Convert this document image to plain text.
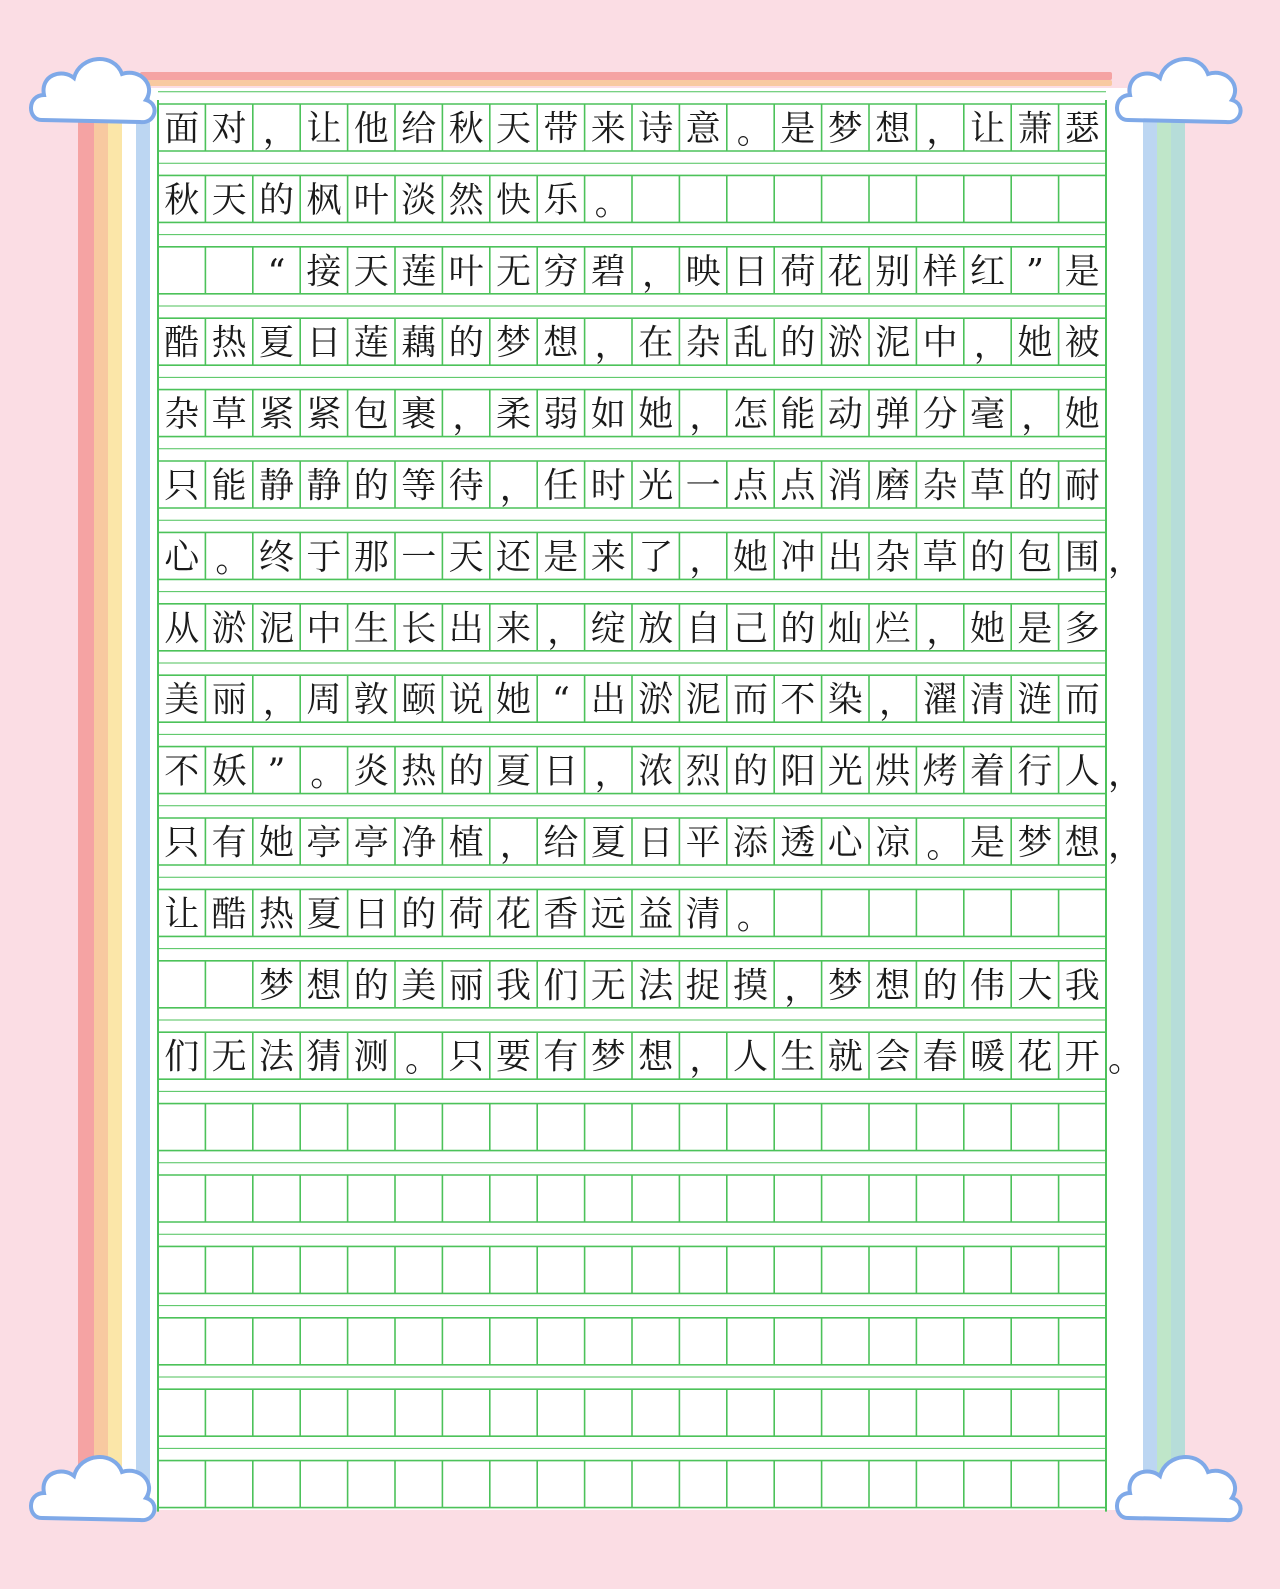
面 对 ， 让 他 给 秋 天 带 来 诗 意 。 是 梦 想 ， 让 萧 瑟
秋 天 的 枫 叶 淡 然 快 乐 。
“ 接 天 莲 叶 无 穷 碧 ， 映 日 荷 花 别 样 红 ” 是
酷 热 夏 日 莲 藕 的 梦 想 ， 在 杂 乱 的 淤 泥 中 ， 她 被
杂 草 紧 紧 包 裹 ， 柔 弱 如 她 ， 怎 能 动 弹 分 毫 ， 她
只 能 静 静 的 等 待 ， 任 时 光 一 点 点 消 磨 杂 草 的 耐
心 。 终 于 那 一 天 还 是 来 了 ， 她 冲 出 杂 草 的 包 围 ，
从 淤 泥 中 生 长 出 来 ， 绽 放 自 己 的 灿 烂 ， 她 是 多
美 丽 ， 周 敦 颐 说 她 “ 出 淤 泥 而 不 染 ， 濯 清 涟 而
不 妖 ” 。 炎 热 的 夏 日 ， 浓 烈 的 阳 光 烘 烤 着 行 人 ，
只 有 她 亭 亭 净 植 ， 给 夏 日 平 添 透 心 凉 。 是 梦 想 ，
让 酷 热 夏 日 的 荷 花 香 远 益 清 。
梦 想 的 美 丽 我 们 无 法 捉 摸 ， 梦 想 的 伟 大 我
们 无 法 猜 测 。 只 要 有 梦 想 ， 人 生 就 会 春 暖 花 开 。
